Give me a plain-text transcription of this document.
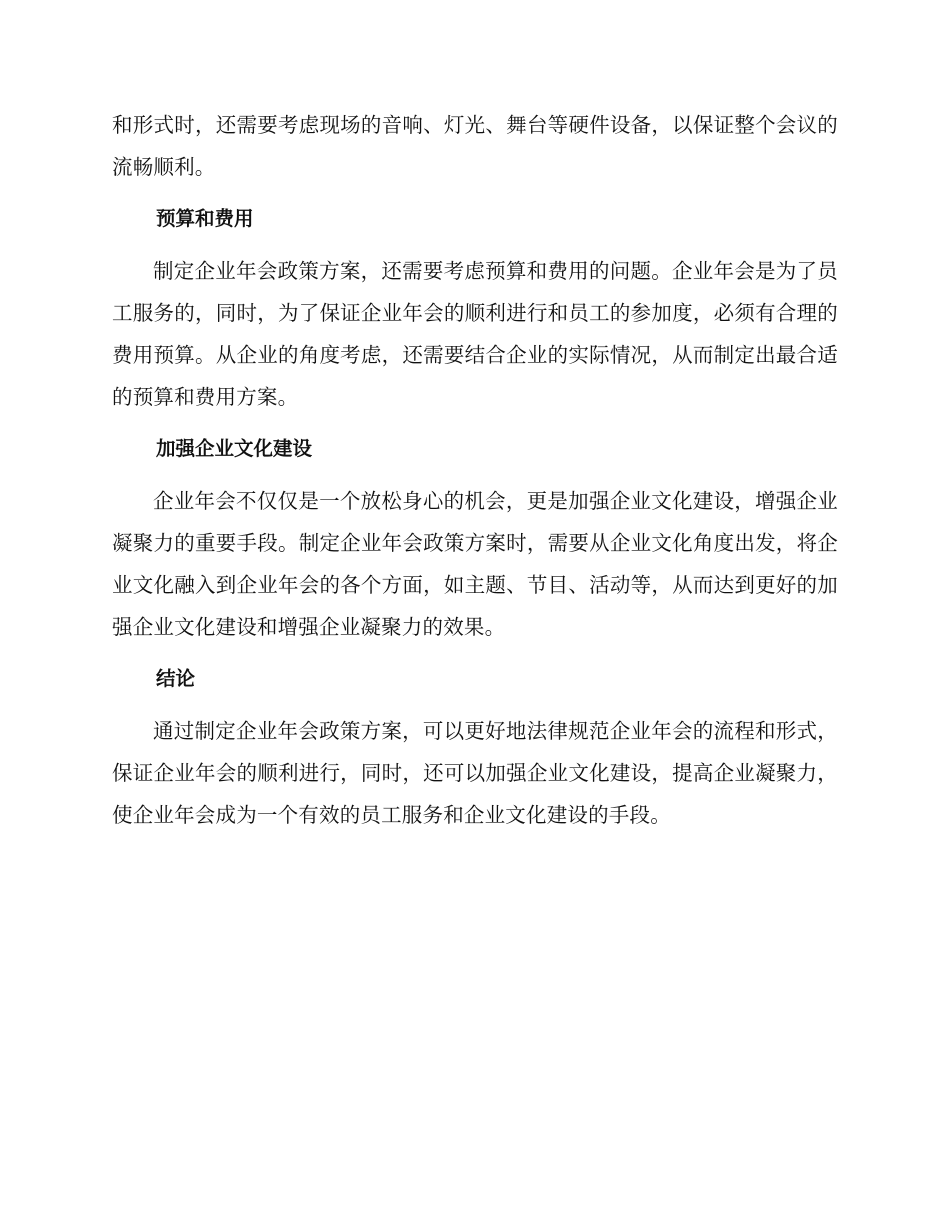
和形式时，还需要考虑现场的音响、灯光、舞台等硬件设备，以保证整个会议的流畅顺利。

预算和费用

制定企业年会政策方案，还需要考虑预算和费用的问题。企业年会是为了员工服务的，同时，为了保证企业年会的顺利进行和员工的参加度，必须有合理的费用预算。从企业的角度考虑，还需要结合企业的实际情况，从而制定出最合适的预算和费用方案。

加强企业文化建设

企业年会不仅仅是一个放松身心的机会，更是加强企业文化建设，增强企业凝聚力的重要手段。制定企业年会政策方案时，需要从企业文化角度出发，将企业文化融入到企业年会的各个方面，如主题、节目、活动等，从而达到更好的加强企业文化建设和增强企业凝聚力的效果。

结论

通过制定企业年会政策方案，可以更好地法律规范企业年会的流程和形式，保证企业年会的顺利进行，同时，还可以加强企业文化建设，提高企业凝聚力，使企业年会成为一个有效的员工服务和企业文化建设的手段。
